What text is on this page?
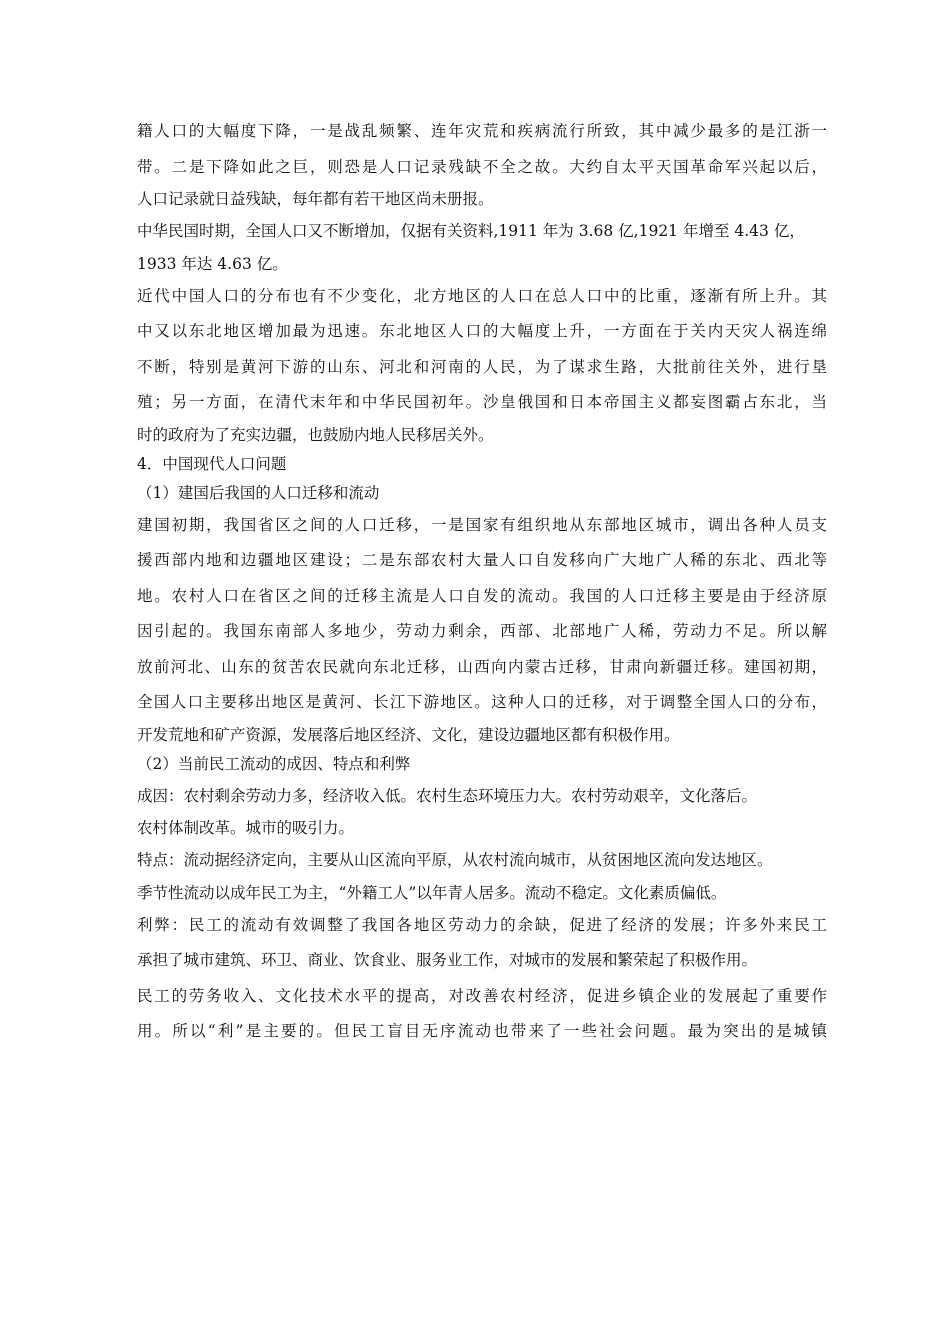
籍人口的大幅度下降，一是战乱频繁、连年灾荒和疾病流行所致，其中减少最多的是江浙一
带。二是下降如此之巨，则恐是人口记录残缺不全之故。大约自太平天国革命军兴起以后，
人口记录就日益残缺，每年都有若干地区尚未册报。
中华民国时期，全国人口又不断增加，仅据有关资料,1911 年为 3.68 亿,1921 年增至 4.43 亿，
1933 年达 4.63 亿。
近代中国人口的分布也有不少变化，北方地区的人口在总人口中的比重，逐渐有所上升。其
中又以东北地区增加最为迅速。东北地区人口的大幅度上升，一方面在于关内天灾人祸连绵
不断，特别是黄河下游的山东、河北和河南的人民，为了谋求生路，大批前往关外，进行垦
殖；另一方面，在清代末年和中华民国初年。沙皇俄国和日本帝国主义都妄图霸占东北，当
时的政府为了充实边疆，也鼓励内地人民移居关外。
4．中国现代人口问题
（1）建国后我国的人口迁移和流动
建国初期，我国省区之间的人口迁移，一是国家有组织地从东部地区城市，调出各种人员支
援西部内地和边疆地区建设；二是东部农村大量人口自发移向广大地广人稀的东北、西北等
地。农村人口在省区之间的迁移主流是人口自发的流动。我国的人口迁移主要是由于经济原
因引起的。我国东南部人多地少，劳动力剩余，西部、北部地广人稀，劳动力不足。所以解
放前河北、山东的贫苦农民就向东北迁移，山西向内蒙古迁移，甘肃向新疆迁移。建国初期，
全国人口主要移出地区是黄河、长江下游地区。这种人口的迁移，对于调整全国人口的分布，
开发荒地和矿产资源，发展落后地区经济、文化，建设边疆地区都有积极作用。
（2）当前民工流动的成因、特点和利弊
成因：农村剩余劳动力多，经济收入低。农村生态环境压力大。农村劳动艰辛，文化落后。
农村体制改革。城市的吸引力。
特点：流动据经济定向，主要从山区流向平原，从农村流向城市，从贫困地区流向发达地区。
季节性流动以成年民工为主，“外籍工人”以年青人居多。流动不稳定。文化素质偏低。
利弊：民工的流动有效调整了我国各地区劳动力的余缺，促进了经济的发展；许多外来民工
承担了城市建筑、环卫、商业、饮食业、服务业工作，对城市的发展和繁荣起了积极作用。
民工的劳务收入、文化技术水平的提高，对改善农村经济，促进乡镇企业的发展起了重要作
用。所以“利”是主要的。但民工盲目无序流动也带来了一些社会问题。最为突出的是城镇
